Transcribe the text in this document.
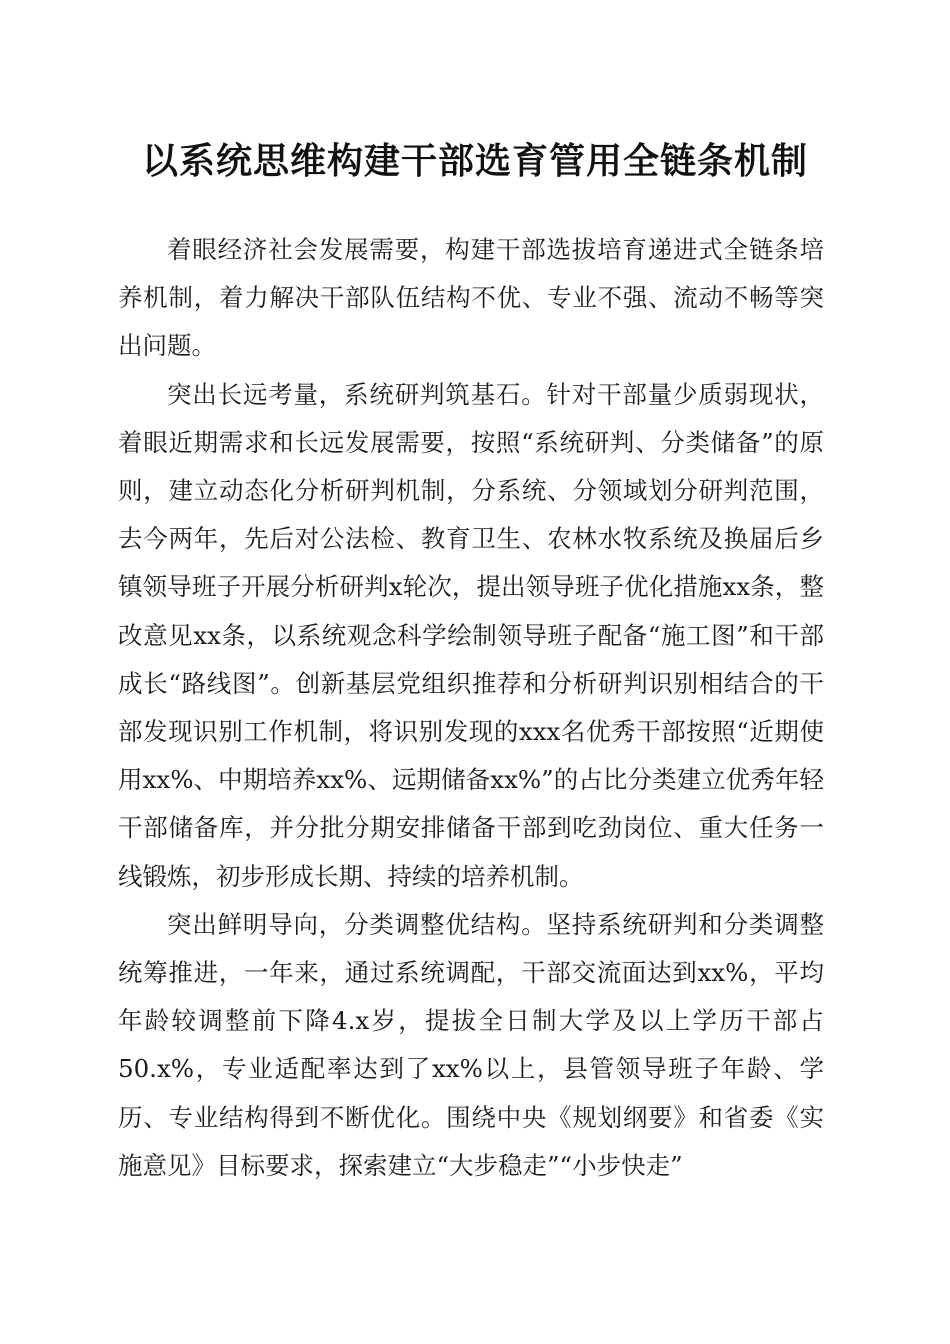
以系统思维构建干部选育管用全链条机制

着眼经济社会发展需要，构建干部选拔培育递进式全链条培养机制，着力解决干部队伍结构不优、专业不强、流动不畅等突出问题。

突出长远考量，系统研判筑基石。针对干部量少质弱现状，着眼近期需求和长远发展需要，按照“系统研判、分类储备”的原则，建立动态化分析研判机制，分系统、分领域划分研判范围，去今两年，先后对公法检、教育卫生、农林水牧系统及换届后乡镇领导班子开展分析研判x轮次，提出领导班子优化措施xx条，整改意见xx条，以系统观念科学绘制领导班子配备“施工图”和干部成长“路线图”。创新基层党组织推荐和分析研判识别相结合的干部发现识别工作机制，将识别发现的xxx名优秀干部按照“近期使用xx%、中期培养xx%、远期储备xx%”的占比分类建立优秀年轻干部储备库，并分批分期安排储备干部到吃劲岗位、重大任务一线锻炼，初步形成长期、持续的培养机制。

突出鲜明导向，分类调整优结构。坚持系统研判和分类调整统筹推进，一年来，通过系统调配，干部交流面达到xx%，平均年龄较调整前下降4.x岁，提拔全日制大学及以上学历干部占50.x%，专业适配率达到了xx%以上，县管领导班子年龄、学历、专业结构得到不断优化。围绕中央《规划纲要》和省委《实施意见》目标要求，探索建立“大步稳走”“小步快走”
